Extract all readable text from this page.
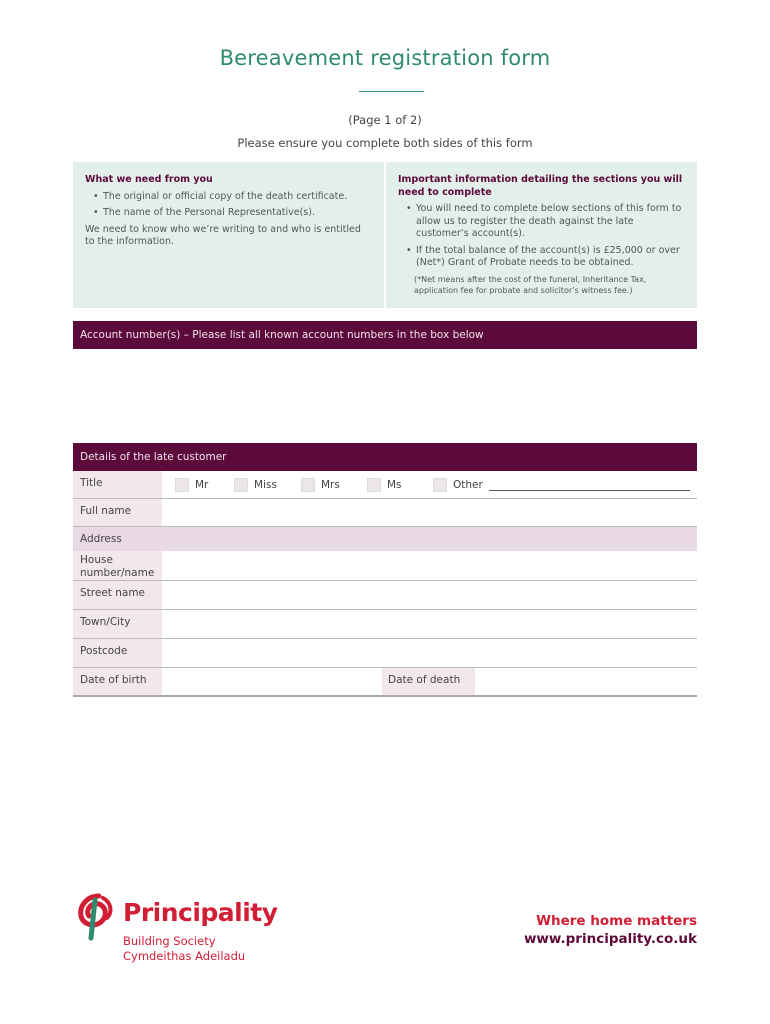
Bereavement registration form
(Page 1 of 2)
Please ensure you complete both sides of this form
What we need from you
• The original or official copy of the death certificate.
• The name of the Personal Representative(s).
We need to know who we’re writing to and who is entitled to the information.
Important information detailing the sections you will need to complete
• You will need to complete below sections of this form to allow us to register the death against the late customer’s account(s).
• If the total balance of the account(s) is £25,000 or over (Net*) Grant of Probate needs to be obtained.
(*Net means after the cost of the funeral, Inheritance Tax, application fee for probate and solicitor’s witness fee.)
Account number(s) – Please list all known account numbers in the box below
Details of the late customer
Title	Mr	Miss	Mrs	Ms	Other
Full name
Address
House number/name
Street name
Town/City
Postcode
Date of birth	Date of death
Principality
Building Society
Cymdeithas Adeiladu
Where home matters
www.principality.co.uk
